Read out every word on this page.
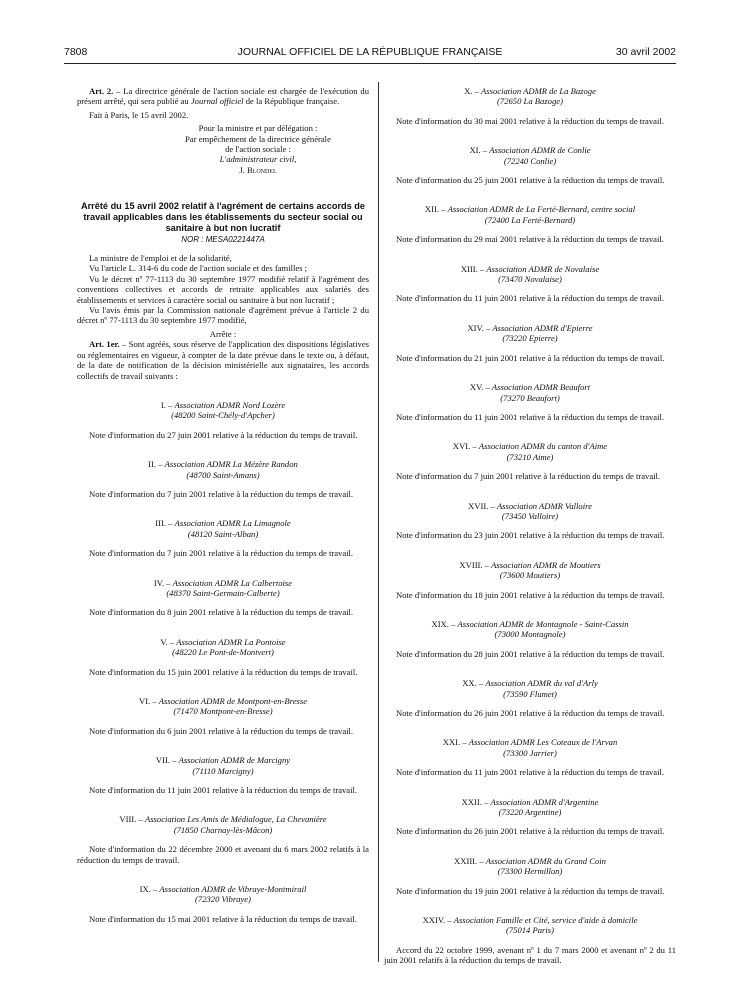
7808	JOURNAL OFFICIEL DE LA RÉPUBLIQUE FRANÇAISE	30 avril 2002

Art. 2. – La directrice générale de l'action sociale est chargée de l'exécution du présent arrêté, qui sera publié au Journal officiel de la République française.

Fait à Paris, le 15 avril 2002.

Pour la ministre et par délégation :

Par empêchement de la directrice générale

de l'action sociale :

L'administrateur civil,

J. Blondel

Arrêté du 15 avril 2002 relatif à l'agrément de certains accords de travail applicables dans les établissements du secteur social ou sanitaire à but non lucratif
NOR : MESA0221447A

La ministre de l'emploi et de la solidarité,

Vu l'article L. 314-6 du code de l'action sociale et des familles ;

Vu le décret nº 77-1113 du 30 septembre 1977 modifié relatif à l'agrément des conventions collectives et accords de retraite applicables aux salariés des établissements et services à caractère social ou sanitaire à but non lucratif ;

Vu l'avis émis par la Commission nationale d'agrément prévue à l'article 2 du décret nº 77-1113 du 30 septembre 1977 modifié,

Arrête :

Art. 1er. – Sont agréés, sous réserve de l'application des dispositions législatives ou réglementaires en vigueur, à compter de la date prévue dans le texte ou, à défaut, de la date de notification de la décision ministérielle aux signataires, les accords collectifs de travail suivants :

I. – Association ADMR Nord Lozère

(48200 Saint-Chély-d'Apcher)

Note d'information du 27 juin 2001 relative à la réduction du temps de travail.

II. – Association ADMR La Mézère Randon

(48700 Saint-Amans)

Note d'information du 7 juin 2001 relative à la réduction du temps de travail.

III. – Association ADMR La Limagnole

(48120 Saint-Alban)

Note d'information du 7 juin 2001 relative à la réduction du temps de travail.

IV. – Association ADMR La Calbertoise

(48370 Saint-Germain-Calberte)

Note d'information du 8 juin 2001 relative à la réduction du temps de travail.

V. – Association ADMR La Pontoise

(48220 Le Pont-de-Montvert)

Note d'information du 15 juin 2001 relative à la réduction du temps de travail.

VI. – Association ADMR de Montpont-en-Bresse

(71470 Montpont-en-Bresse)

Note d'information du 6 juin 2001 relative à la réduction du temps de travail.

VII. – Association ADMR de Marcigny

(71110 Marcigny)

Note d'information du 11 juin 2001 relative à la réduction du temps de travail.

VIII. – Association Les Amis de Médialogue, La Chevanière

(71850 Charnay-lès-Mâcon)

Note d'information du 22 décembre 2000 et avenant du 6 mars 2002 relatifs à la réduction du temps de travail.

IX. – Association ADMR de Vibraye-Montmirail

(72320 Vibraye)

Note d'information du 15 mai 2001 relative à la réduction du temps de travail.

X. – Association ADMR de La Bazoge

(72650 La Bazoge)

Note d'information du 30 mai 2001 relative à la réduction du temps de travail.

XI. – Association ADMR de Conlie

(72240 Conlie)

Note d'information du 25 juin 2001 relative à la réduction du temps de travail.

XII. – Association ADMR de La Ferté-Bernard, centre social

(72400 La Ferté-Bernard)

Note d'information du 29 mai 2001 relative à la réduction du temps de travail.

XIII. – Association ADMR de Novalaise

(73470 Novalaise)

Note d'information du 11 juin 2001 relative à la réduction du temps de travail.

XIV. – Association ADMR d'Epierre

(73220 Epierre)

Note d'information du 21 juin 2001 relative à la réduction du temps de travail.

XV. – Association ADMR Beaufort

(73270 Beaufort)

Note d'information du 11 juin 2001 relative à la réduction du temps de travail.

XVI. – Association ADMR du canton d'Aime

(73210 Aime)

Note d'information du 7 juin 2001 relative à la réduction du temps de travail.

XVII. – Association ADMR Valloire

(73450 Valloire)

Note d'information du 23 juin 2001 relative à la réduction du temps de travail.

XVIII. – Association ADMR de Moutiers

(73600 Moutiers)

Note d'information du 18 juin 2001 relative à la réduction du temps de travail.

XIX. – Association ADMR de Montagnole - Saint-Cassin

(73000 Montagnole)

Note d'information du 28 juin 2001 relative à la réduction du temps de travail.

XX. – Association ADMR du val d'Arly

(73590 Flumet)

Note d'information du 26 juin 2001 relative à la réduction du temps de travail.

XXI. – Association ADMR Les Coteaux de l'Arvan

(73300 Jarrier)

Note d'information du 11 juin 2001 relative à la réduction du temps de travail.

XXII. – Association ADMR d'Argentine

(73220 Argentine)

Note d'information du 26 juin 2001 relative à la réduction du temps de travail.

XXIII. – Association ADMR du Grand Coin

(73300 Hermillon)

Note d'information du 19 juin 2001 relative à la réduction du temps de travail.

XXIV. – Association Famille et Cité, service d'aide à domicile

(75014 Paris)

Accord du 22 octobre 1999, avenant nº 1 du 7 mars 2000 et avenant nº 2 du 11 juin 2001 relatifs à la réduction du temps de travail.
